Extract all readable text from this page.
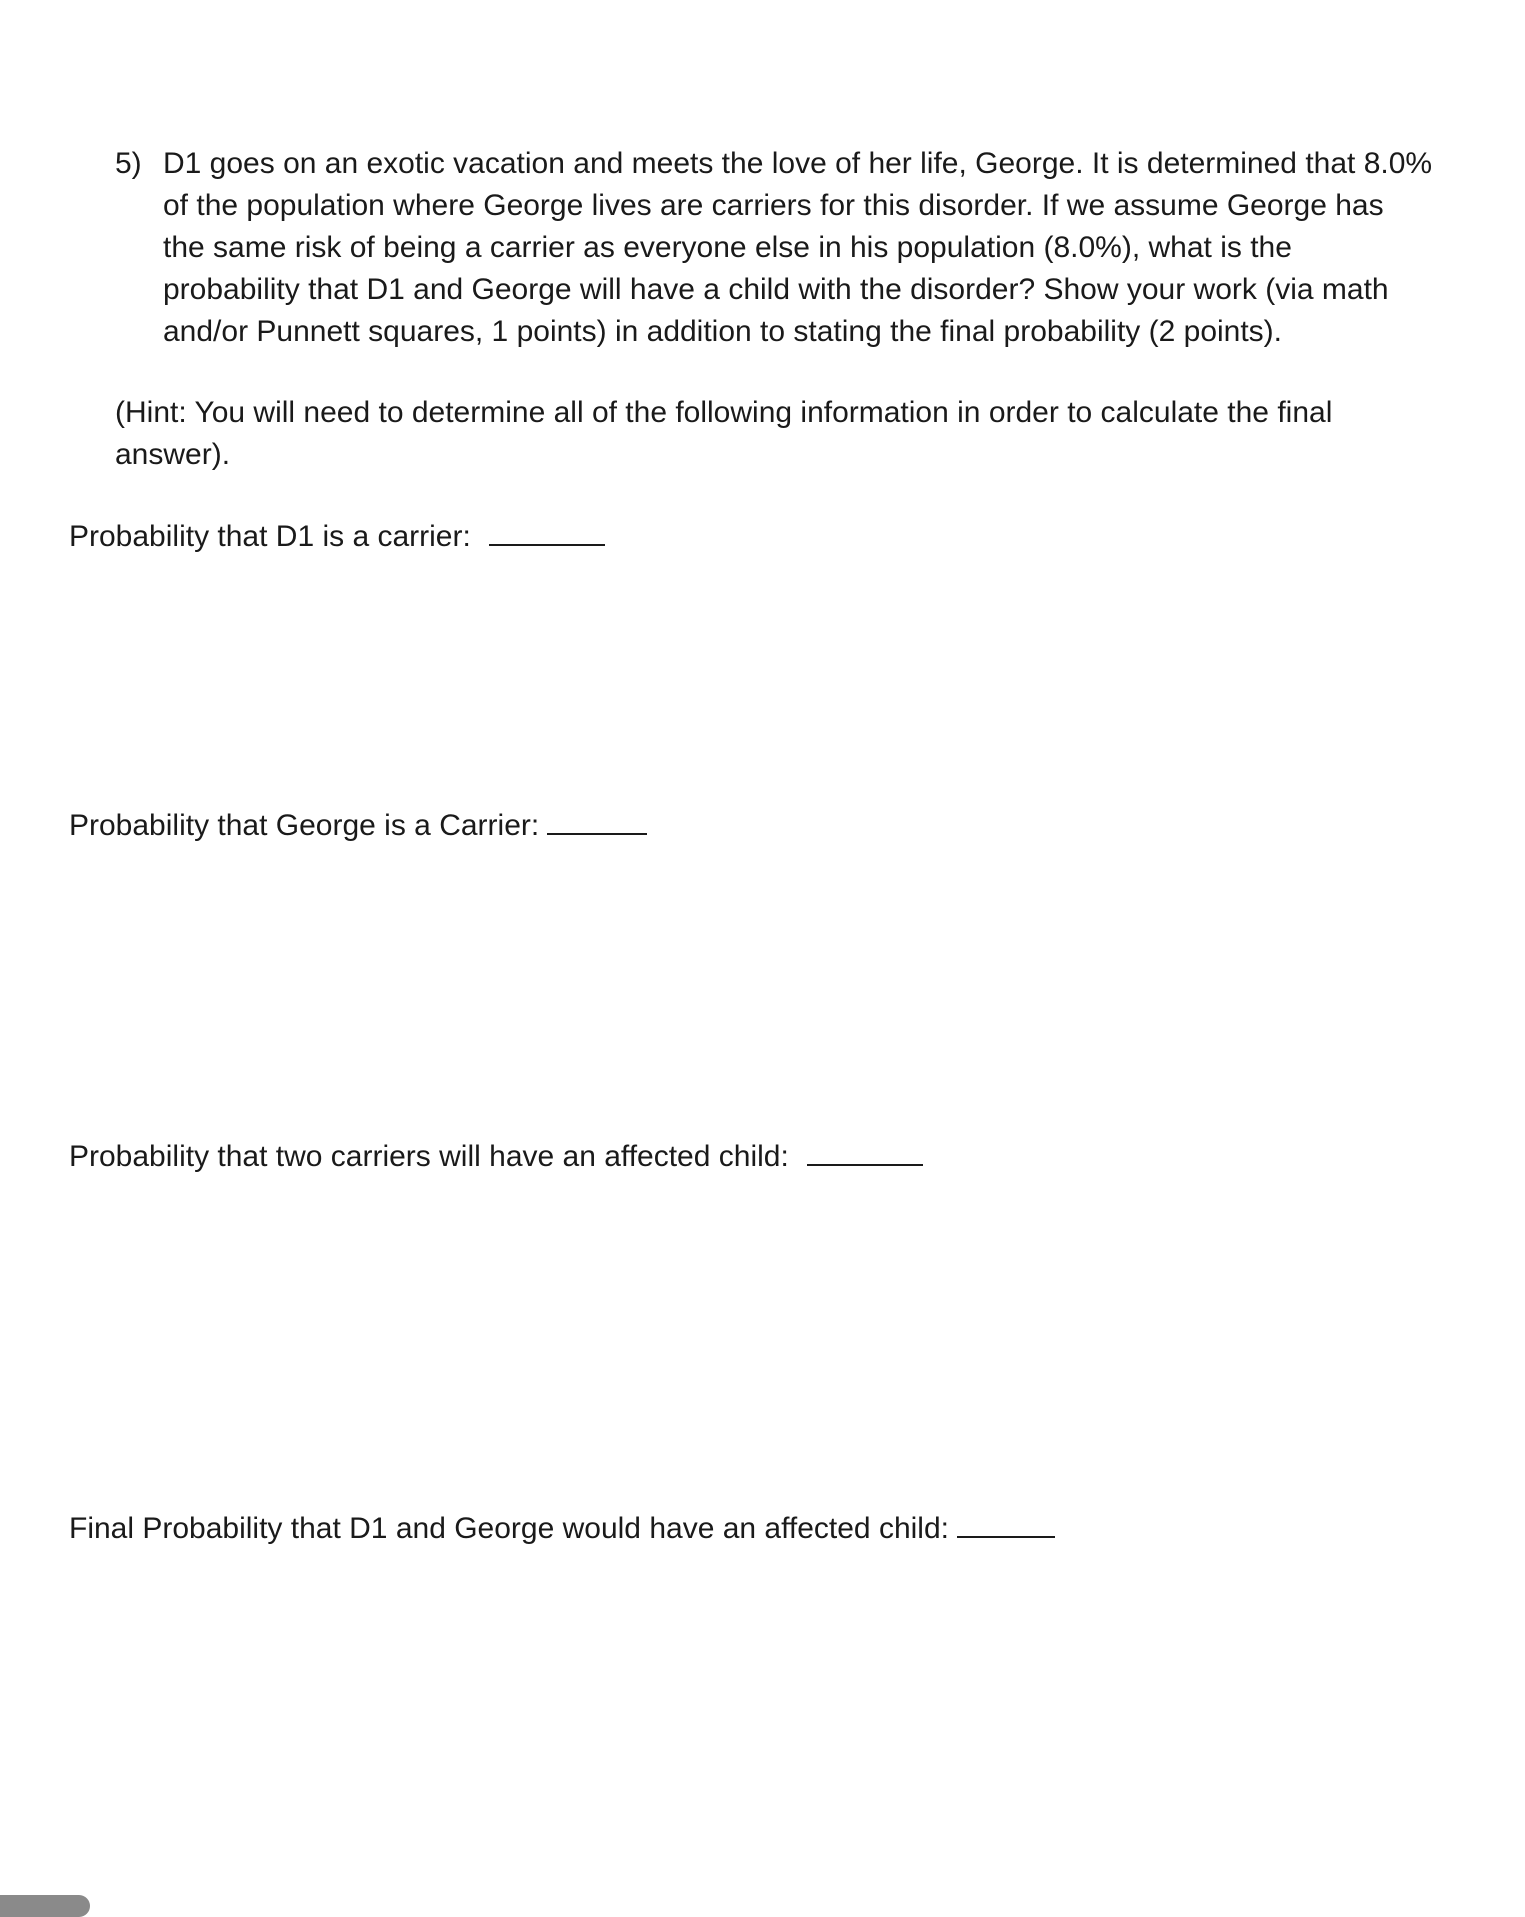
5) D1 goes on an exotic vacation and meets the love of her life, George. It is determined that 8.0%
of the population where George lives are carriers for this disorder. If we assume George has
the same risk of being a carrier as everyone else in his population (8.0%), what is the
probability that D1 and George will have a child with the disorder? Show your work (via math
and/or Punnett squares, 1 points) in addition to stating the final probability (2 points).
(Hint: You will need to determine all of the following information in order to calculate the final
answer).
Probability that D1 is a carrier:
Probability that George is a Carrier:
Probability that two carriers will have an affected child:
Final Probability that D1 and George would have an affected child:
